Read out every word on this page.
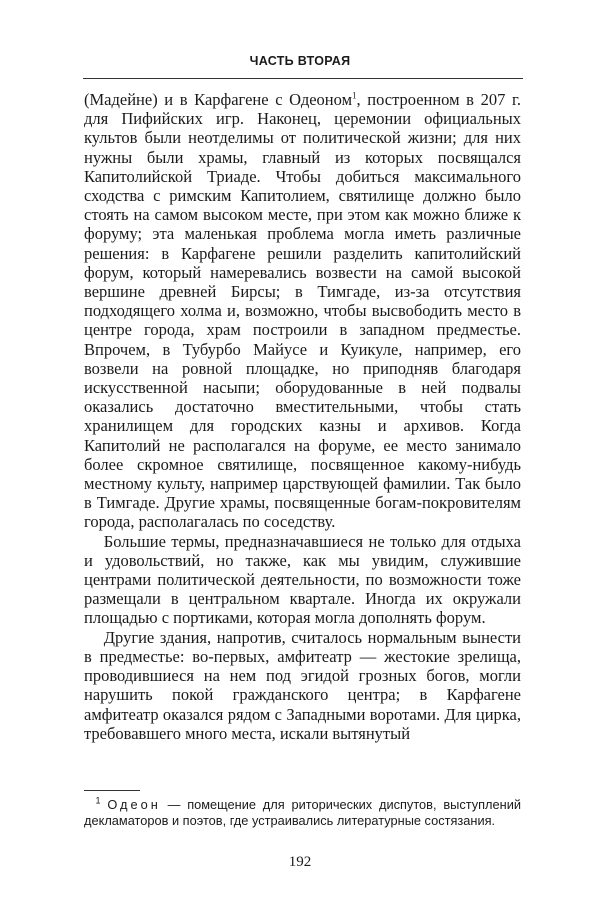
ЧАСТЬ ВТОРАЯ

(Мадейне) и в Карфагене с Одеоном$^1$, построенном в 207 г. для Пифийских игр. Наконец, церемонии официальных культов были неотделимы от политической жизни; для них нужны были храмы, главный из которых посвящался Капитолийской Триаде. Чтобы добиться максимального сходства с римским Капитолием, святилище должно было стоять на самом высоком месте, при этом как можно ближе к форуму; эта маленькая проблема могла иметь различные решения: в Карфагене решили разделить капитолийский форум, который намеревались возвести на самой высокой вершине древней Бирсы; в Тимгаде, из-за отсутствия подходящего холма и, возможно, чтобы высвободить место в центре города, храм построили в западном предместье. Впрочем, в Тубурбо Майусе и Куикуле, например, его возвели на ровной площадке, но приподняв благодаря искусственной насыпи; оборудованные в ней подвалы оказались достаточно вместительными, чтобы стать хранилищем для городских казны и архивов. Когда Капитолий не располагался на форуме, ее место занимало более скромное святилище, посвященное какому-нибудь местному культу, например царствующей фамилии. Так было в Тимгаде. Другие храмы, посвященные богам-покровителям города, располагалась по соседству.

Большие термы, предназначавшиеся не только для отдыха и удовольствий, но также, как мы увидим, служившие центрами политической деятельности, по возможности тоже размещали в центральном квартале. Иногда их окружали площадью с портиками, которая могла дополнять форум.

Другие здания, напротив, считалось нормальным вынести в предместье: во-первых, амфитеатр — жестокие зрелища, проводившиеся на нем под эгидой грозных богов, могли нарушить покой гражданского центра; в Карфагене амфитеатр оказался рядом с Западными воротами. Для цирка, требовавшего много места, искали вытянутый

$^1$ Одеон — помещение для риторических диспутов, выступлений декламаторов и поэтов, где устраивались литературные состязания.
192
